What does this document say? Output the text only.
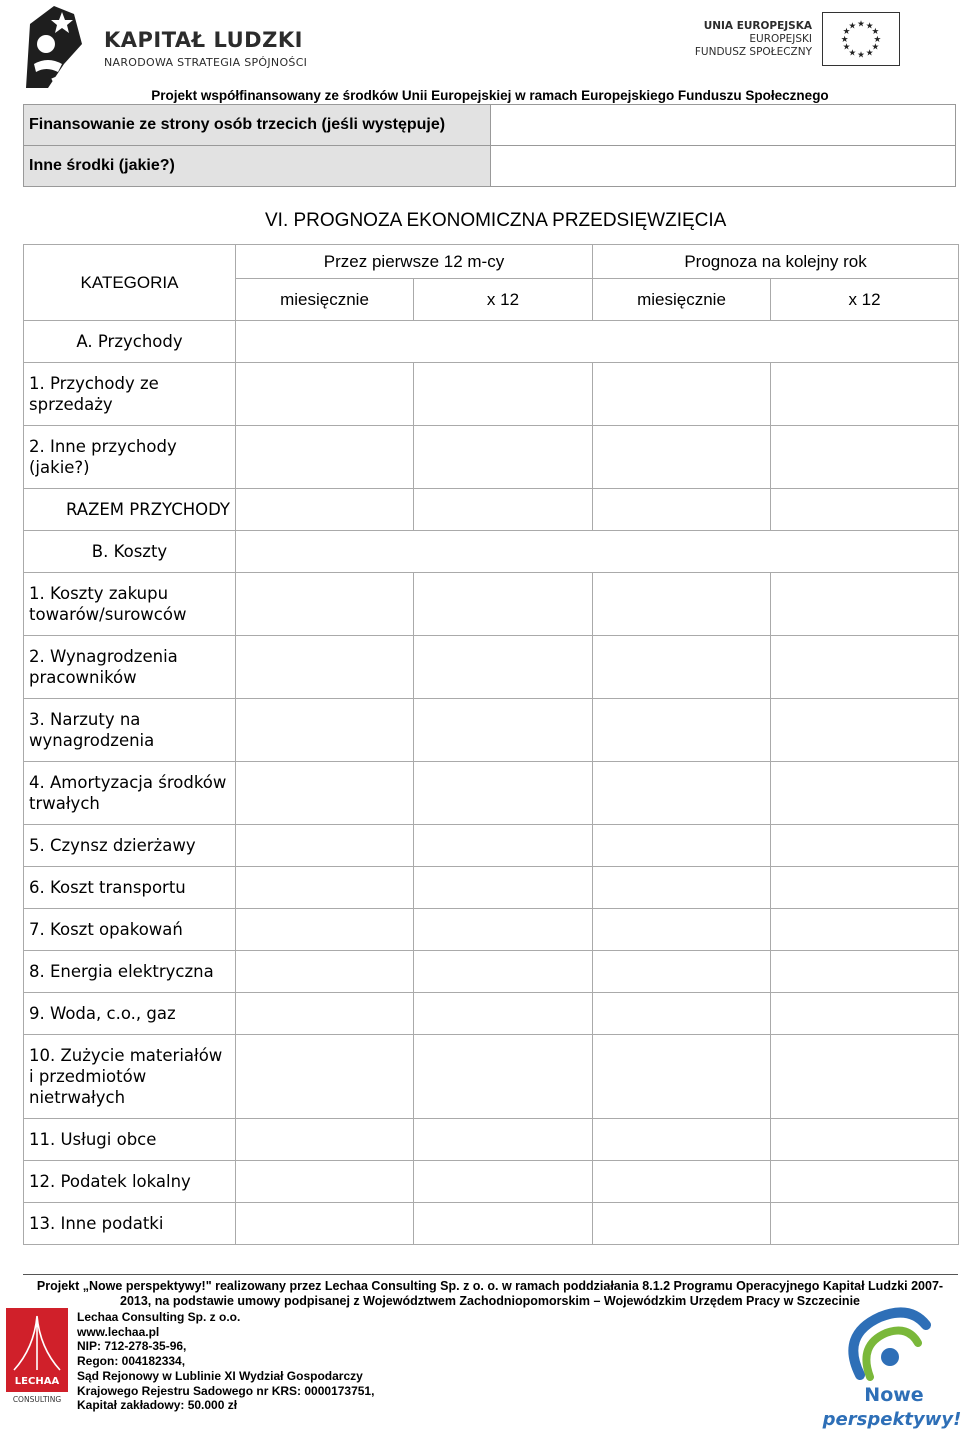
KAPITAŁ LUDZKI
NARODOWA STRATEGIA SPÓJNOŚCI
UNIA EUROPEJSKA
EUROPEJSKI
FUNDUSZ SPOŁECZNY
★ ★
★
★
★
★
★
★
★
★
★
★
Projekt współfinansowany ze środków Unii Europejskiej w ramach Europejskiego Funduszu Społecznego
Finansowanie ze strony osób trzecich (jeśli występuje)	
Inne środki (jakie?)	
VI. PROGNOZA EKONOMICZNA PRZEDSIĘWZIĘCIA
KATEGORIA	Przez pierwsze 12 m-cy		Prognoza na kolejny rok	
	miesięcznie	x 12	miesięcznie	x 12
A. Przychody				
1. Przychody ze sprzedaży				
2. Inne przychody (jakie?)				
RAZEM PRZYCHODY				
B. Koszty				
1. Koszty zakupu towarów/surowców				
2. Wynagrodzenia pracowników				
3. Narzuty na wynagrodzenia				
4. Amortyzacja środków trwałych				
5. Czynsz dzierżawy				
6. Koszt transportu				
7. Koszt opakowań				
8. Energia elektryczna				
9. Woda, c.o., gaz				
10. Zużycie materiałów i przedmiotów nietrwałych				
11. Usługi obce				
12. Podatek lokalny				
13. Inne podatki				
Projekt „Nowe perspektywy!" realizowany przez Lechaa Consulting Sp. z o. o. w ramach poddziałania 8.1.2 Programu Operacyjnego Kapitał Ludzki 2007-
2013, na podstawie umowy podpisanej z Województwem Zachodniopomorskim – Wojewódzkim Urzędem Pracy w Szczecinie
LECHAA
CONSULTING
Lechaa Consulting Sp. z o.o.
www.lechaa.pl
NIP: 712-278-35-96,
Regon: 004182334,
Sąd Rejonowy w Lublinie XI Wydział Gospodarczy
Krajowego Rejestru Sadowego nr KRS: 0000173751,
Kapitał zakładowy: 50.000 zł	Nowe
perspektywy!
